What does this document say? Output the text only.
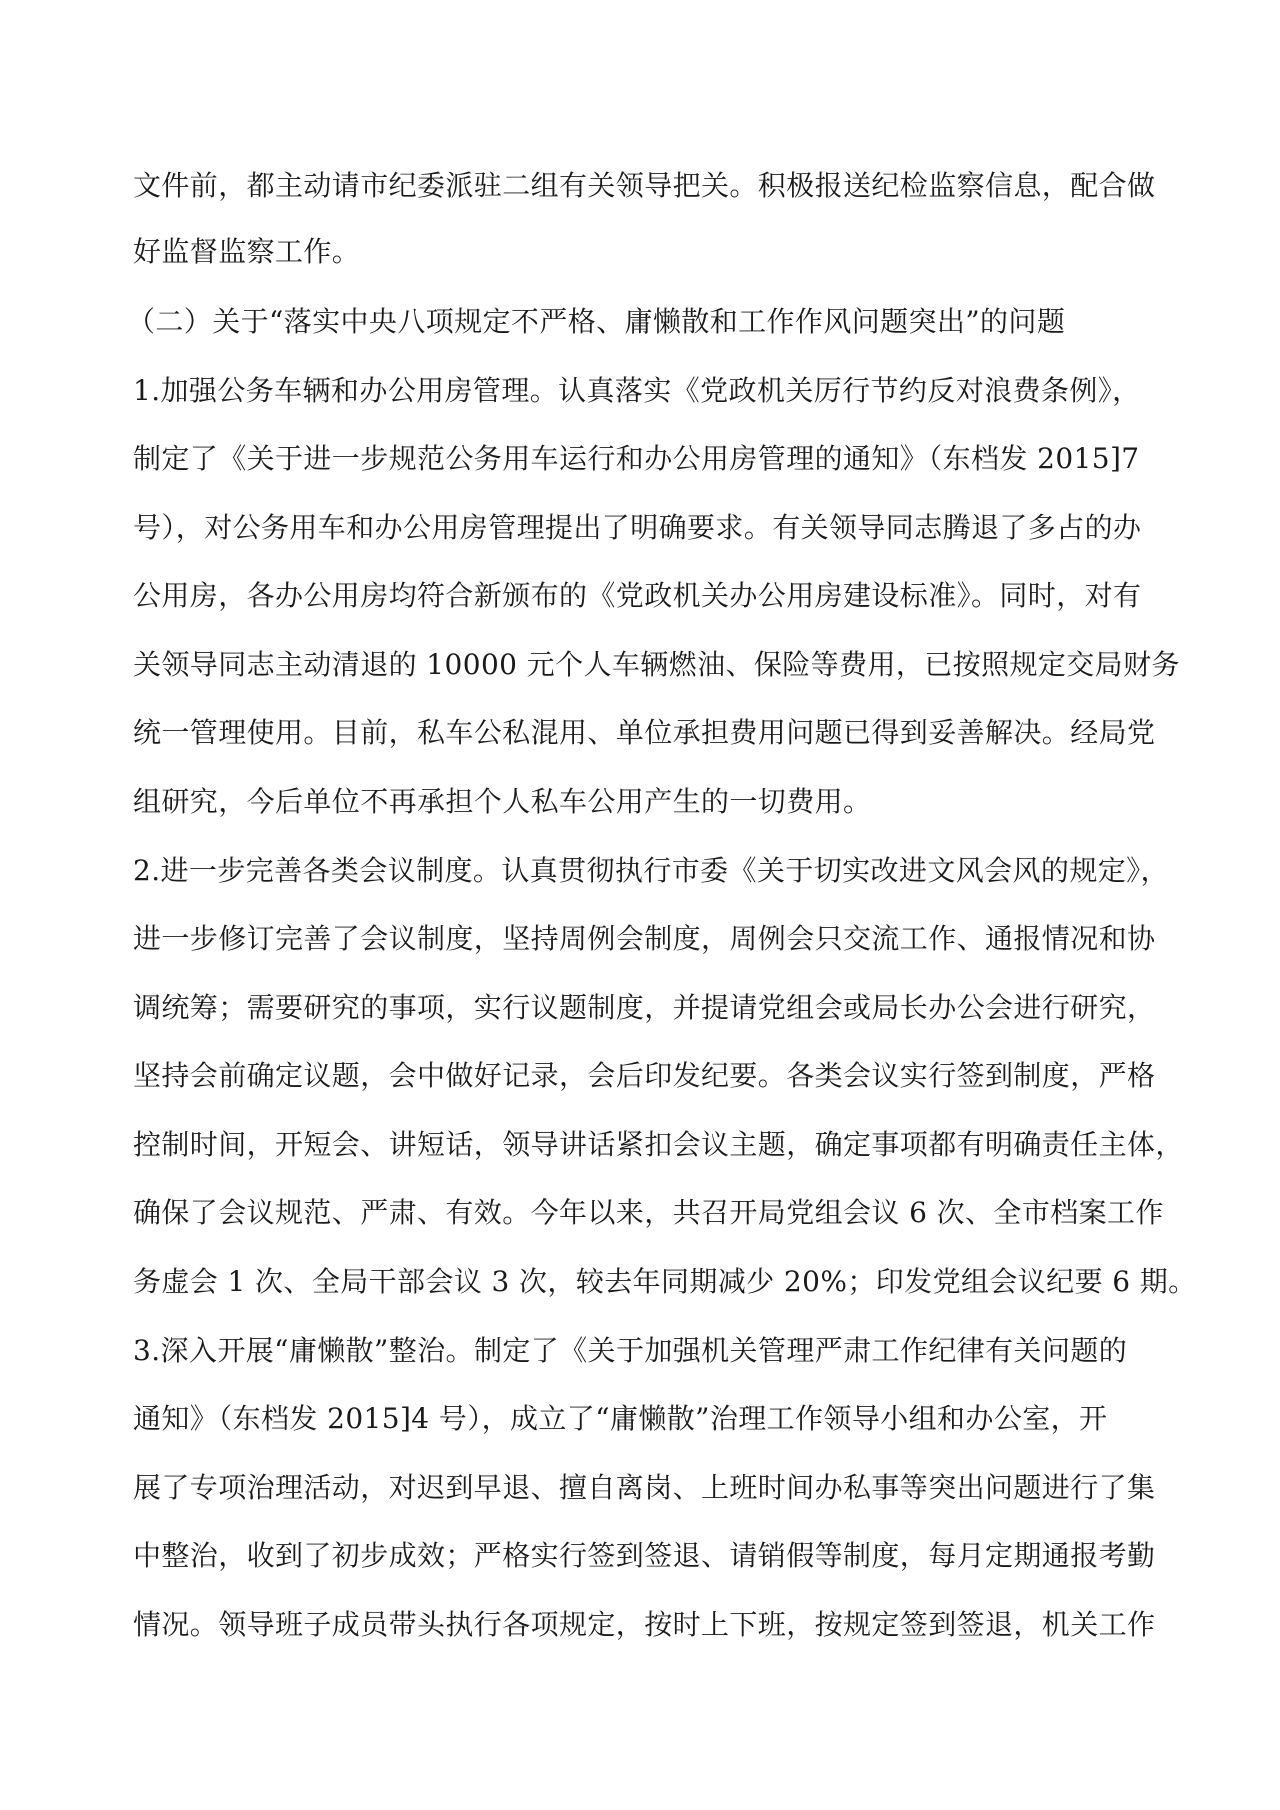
文件前，都主动请市纪委派驻二组有关领导把关。积极报送纪检监察信息，配合做
好监督监察工作。
（二）关于“落实中央八项规定不严格、庸懒散和工作作风问题突出”的问题
1.加强公务车辆和办公用房管理。认真落实《党政机关厉行节约反对浪费条例》，
制定了《关于进一步规范公务用车运行和办公用房管理的通知》（东档发 2015]7
号），对公务用车和办公用房管理提出了明确要求。有关领导同志腾退了多占的办
公用房，各办公用房均符合新颁布的《党政机关办公用房建设标准》。同时，对有
关领导同志主动清退的 10000 元个人车辆燃油、保险等费用，已按照规定交局财务
统一管理使用。目前，私车公私混用、单位承担费用问题已得到妥善解决。经局党
组研究，今后单位不再承担个人私车公用产生的一切费用。
2.进一步完善各类会议制度。认真贯彻执行市委《关于切实改进文风会风的规定》，
进一步修订完善了会议制度，坚持周例会制度，周例会只交流工作、通报情况和协
调统筹；需要研究的事项，实行议题制度，并提请党组会或局长办公会进行研究，
坚持会前确定议题，会中做好记录，会后印发纪要。各类会议实行签到制度，严格
控制时间，开短会、讲短话，领导讲话紧扣会议主题，确定事项都有明确责任主体，
确保了会议规范、严肃、有效。今年以来，共召开局党组会议 6 次、全市档案工作
务虚会 1 次、全局干部会议 3 次，较去年同期减少 20%；印发党组会议纪要 6 期。
3.深入开展“庸懒散”整治。制定了《关于加强机关管理严肃工作纪律有关问题的
通知》（东档发 2015]4 号），成立了“庸懒散”治理工作领导小组和办公室，开
展了专项治理活动，对迟到早退、擅自离岗、上班时间办私事等突出问题进行了集
中整治，收到了初步成效；严格实行签到签退、请销假等制度，每月定期通报考勤
情况。领导班子成员带头执行各项规定，按时上下班，按规定签到签退，机关工作
